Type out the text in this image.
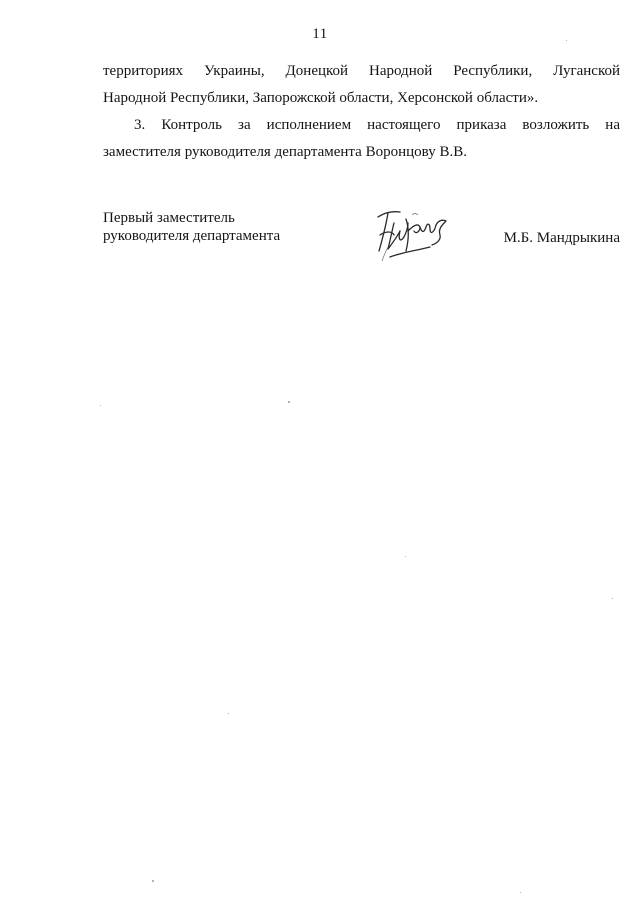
11
территориях Украины, Донецкой Народной Республики, Луганской
Народной Республики, Запорожской области, Херсонской области».
3. Контроль за исполнением настоящего приказа возложить на
заместителя руководителя департамента Воронцову В.В.
Первый заместитель
руководителя департамента	М.Б. Мандрыкина
